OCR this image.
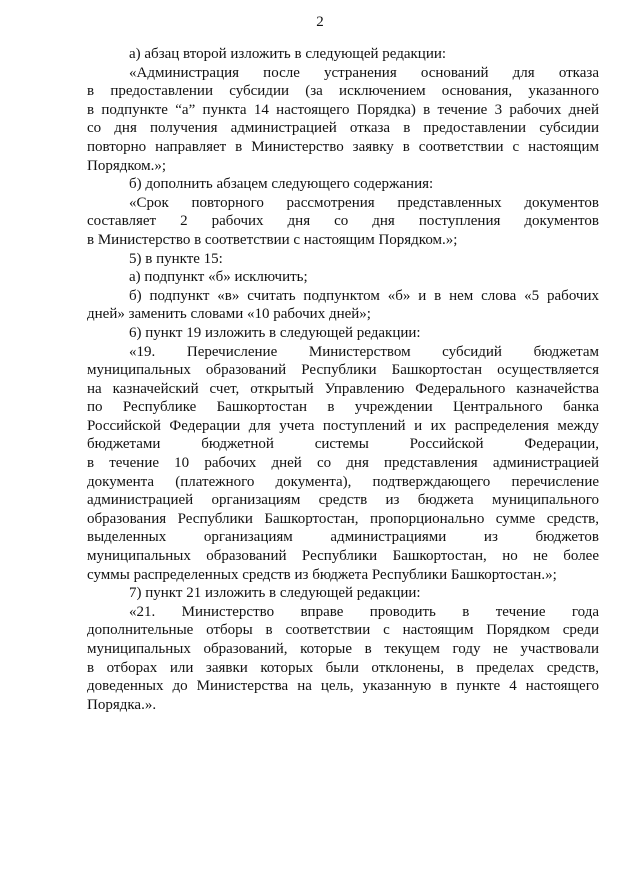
2
а) абзац второй изложить в следующей редакции:
«Администрация после устранения оснований для отказа
в предоставлении субсидии (за исключением основания, указанного
в подпункте “а” пункта 14 настоящего Порядка) в течение 3 рабочих дней
со дня получения администрацией отказа в предоставлении субсидии
повторно направляет в Министерство заявку в соответствии с настоящим
Порядком.»;
б) дополнить абзацем следующего содержания:
«Срок повторного рассмотрения представленных документов
составляет 2 рабочих дня со дня поступления документов
в Министерство в соответствии с настоящим Порядком.»;
5) в пункте 15:
а) подпункт «б» исключить;
б) подпункт «в» считать подпунктом «б» и в нем слова «5 рабочих
дней» заменить словами «10 рабочих дней»;
6) пункт 19 изложить в следующей редакции:
«19. Перечисление Министерством субсидий бюджетам
муниципальных образований Республики Башкортостан осуществляется
на казначейский счет, открытый Управлению Федерального казначейства
по Республике Башкортостан в учреждении Центрального банка
Российской Федерации для учета поступлений и их распределения между
бюджетами бюджетной системы Российской Федерации,
в течение 10 рабочих дней со дня представления администрацией
документа (платежного документа), подтверждающего перечисление
администрацией организациям средств из бюджета муниципального
образования Республики Башкортостан, пропорционально сумме средств,
выделенных организациям администрациями из бюджетов
муниципальных образований Республики Башкортостан, но не более
суммы распределенных средств из бюджета Республики Башкортостан.»;
7) пункт 21 изложить в следующей редакции:
«21. Министерство вправе проводить в течение года
дополнительные отборы в соответствии с настоящим Порядком среди
муниципальных образований, которые в текущем году не участвовали
в отборах или заявки которых были отклонены, в пределах средств,
доведенных до Министерства на цель, указанную в пункте 4 настоящего
Порядка.».
